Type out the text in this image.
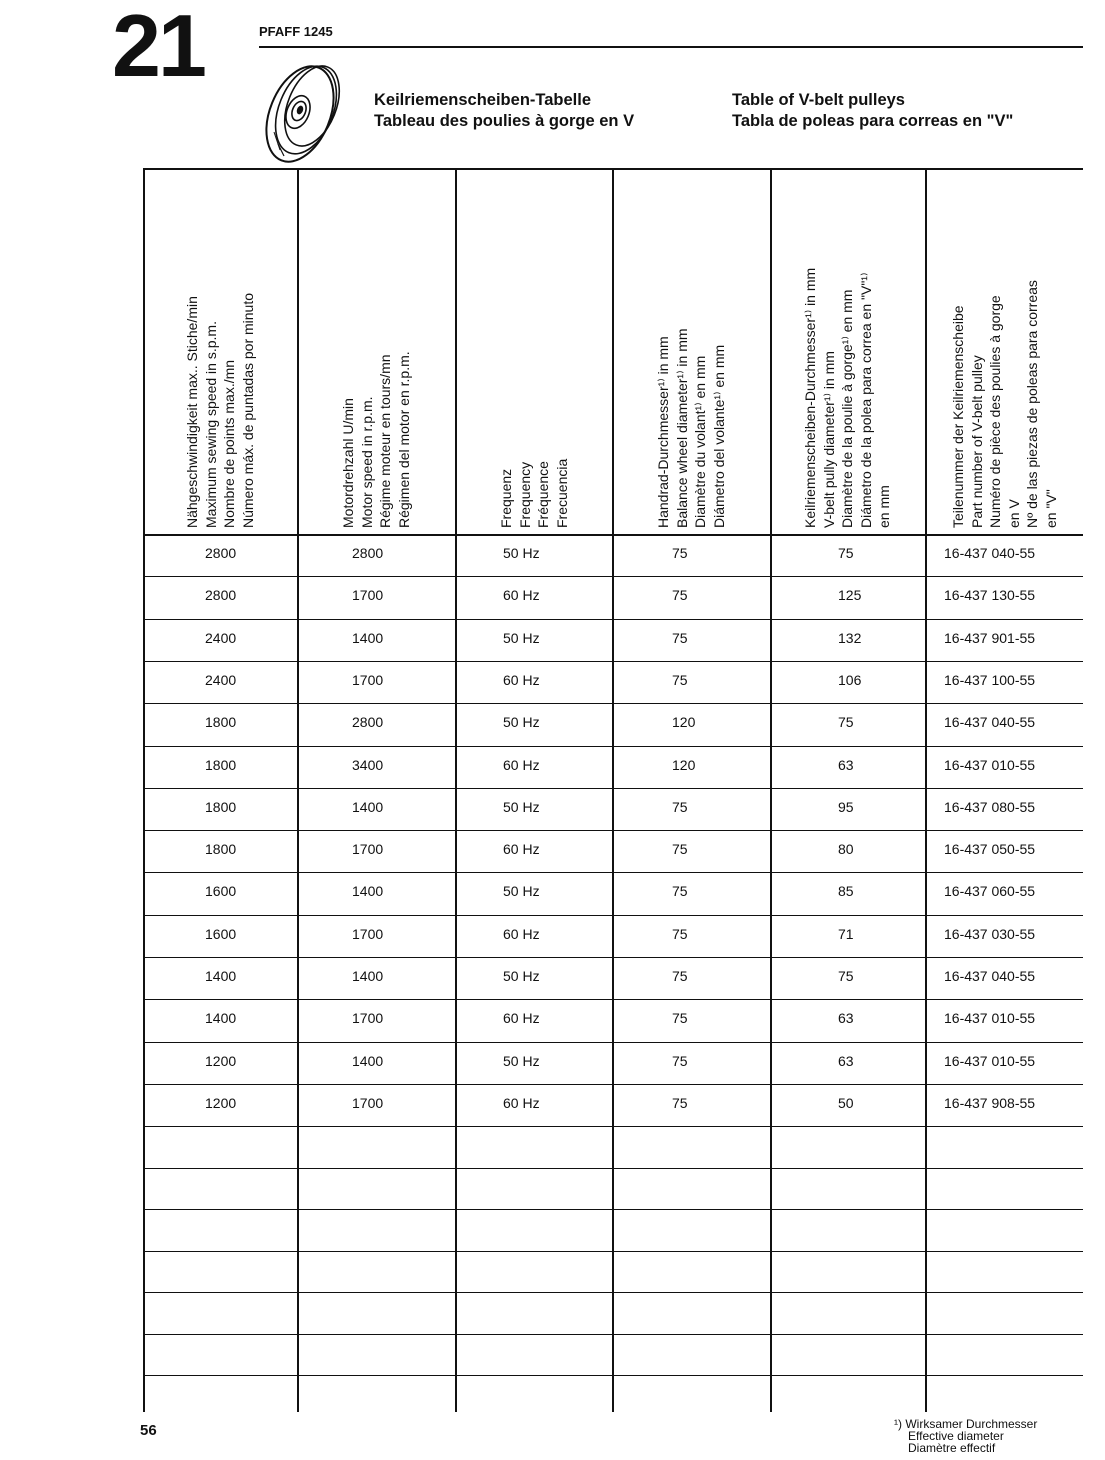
21	PFAFF 1245
Keilriemenscheiben-Tabelle
Tableau des poulies à gorge en V
Table of V-belt pulleys
Tabla de poleas para correas en "V"
Nähgeschwindigkeit max.. Stiche/min Maximum sewing speed in s.p.m. Nombre de points max./mn Número máx. de puntadas por minuto	Motordrehzahl U/min Motor speed in r.p.m. Régime moteur en tours/mn Régimen del motor en r.p.m.	Frequenz Frequency Fréquence Frecuencia	Handrad-Durchmesser¹⁾ in mm Balance wheel diameter¹⁾ in mm Diamètre du volant¹⁾ en mm Diámetro del volante¹⁾ en mm	Keilriemenscheiben-Durchmesser¹⁾ in mm V-belt pully diameter¹⁾ in mm Diamètre de la poulie à gorge¹⁾ en mm Diámetro de la polea para correa en "V"¹⁾ en mm	Teilenummer der Keilriemenscheibe Part number of V-belt pulley Numéro de pièce des poulies à gorge en V Nº de las piezas de poleas para correas en "V"
2800	2800	50 Hz	75	75	16-437 040-55
2800	1700	60 Hz	75	125	16-437 130-55
2400	1400	50 Hz	75	132	16-437 901-55
2400	1700	60 Hz	75	106	16-437 100-55
1800	2800	50 Hz	120	75	16-437 040-55
1800	3400	60 Hz	120	63	16-437 010-55
1800	1400	50 Hz	75	95	16-437 080-55
1800	1700	60 Hz	75	80	16-437 050-55
1600	1400	50 Hz	75	85	16-437 060-55
1600	1700	60 Hz	75	71	16-437 030-55
1400	1400	50 Hz	75	75	16-437 040-55
1400	1700	60 Hz	75	63	16-437 010-55
1200	1400	50 Hz	75	63	16-437 010-55
1200	1700	60 Hz	75	50	16-437 908-55
56	¹) Wirksamer Durchmesser
Effective diameter
Diamètre effectif
